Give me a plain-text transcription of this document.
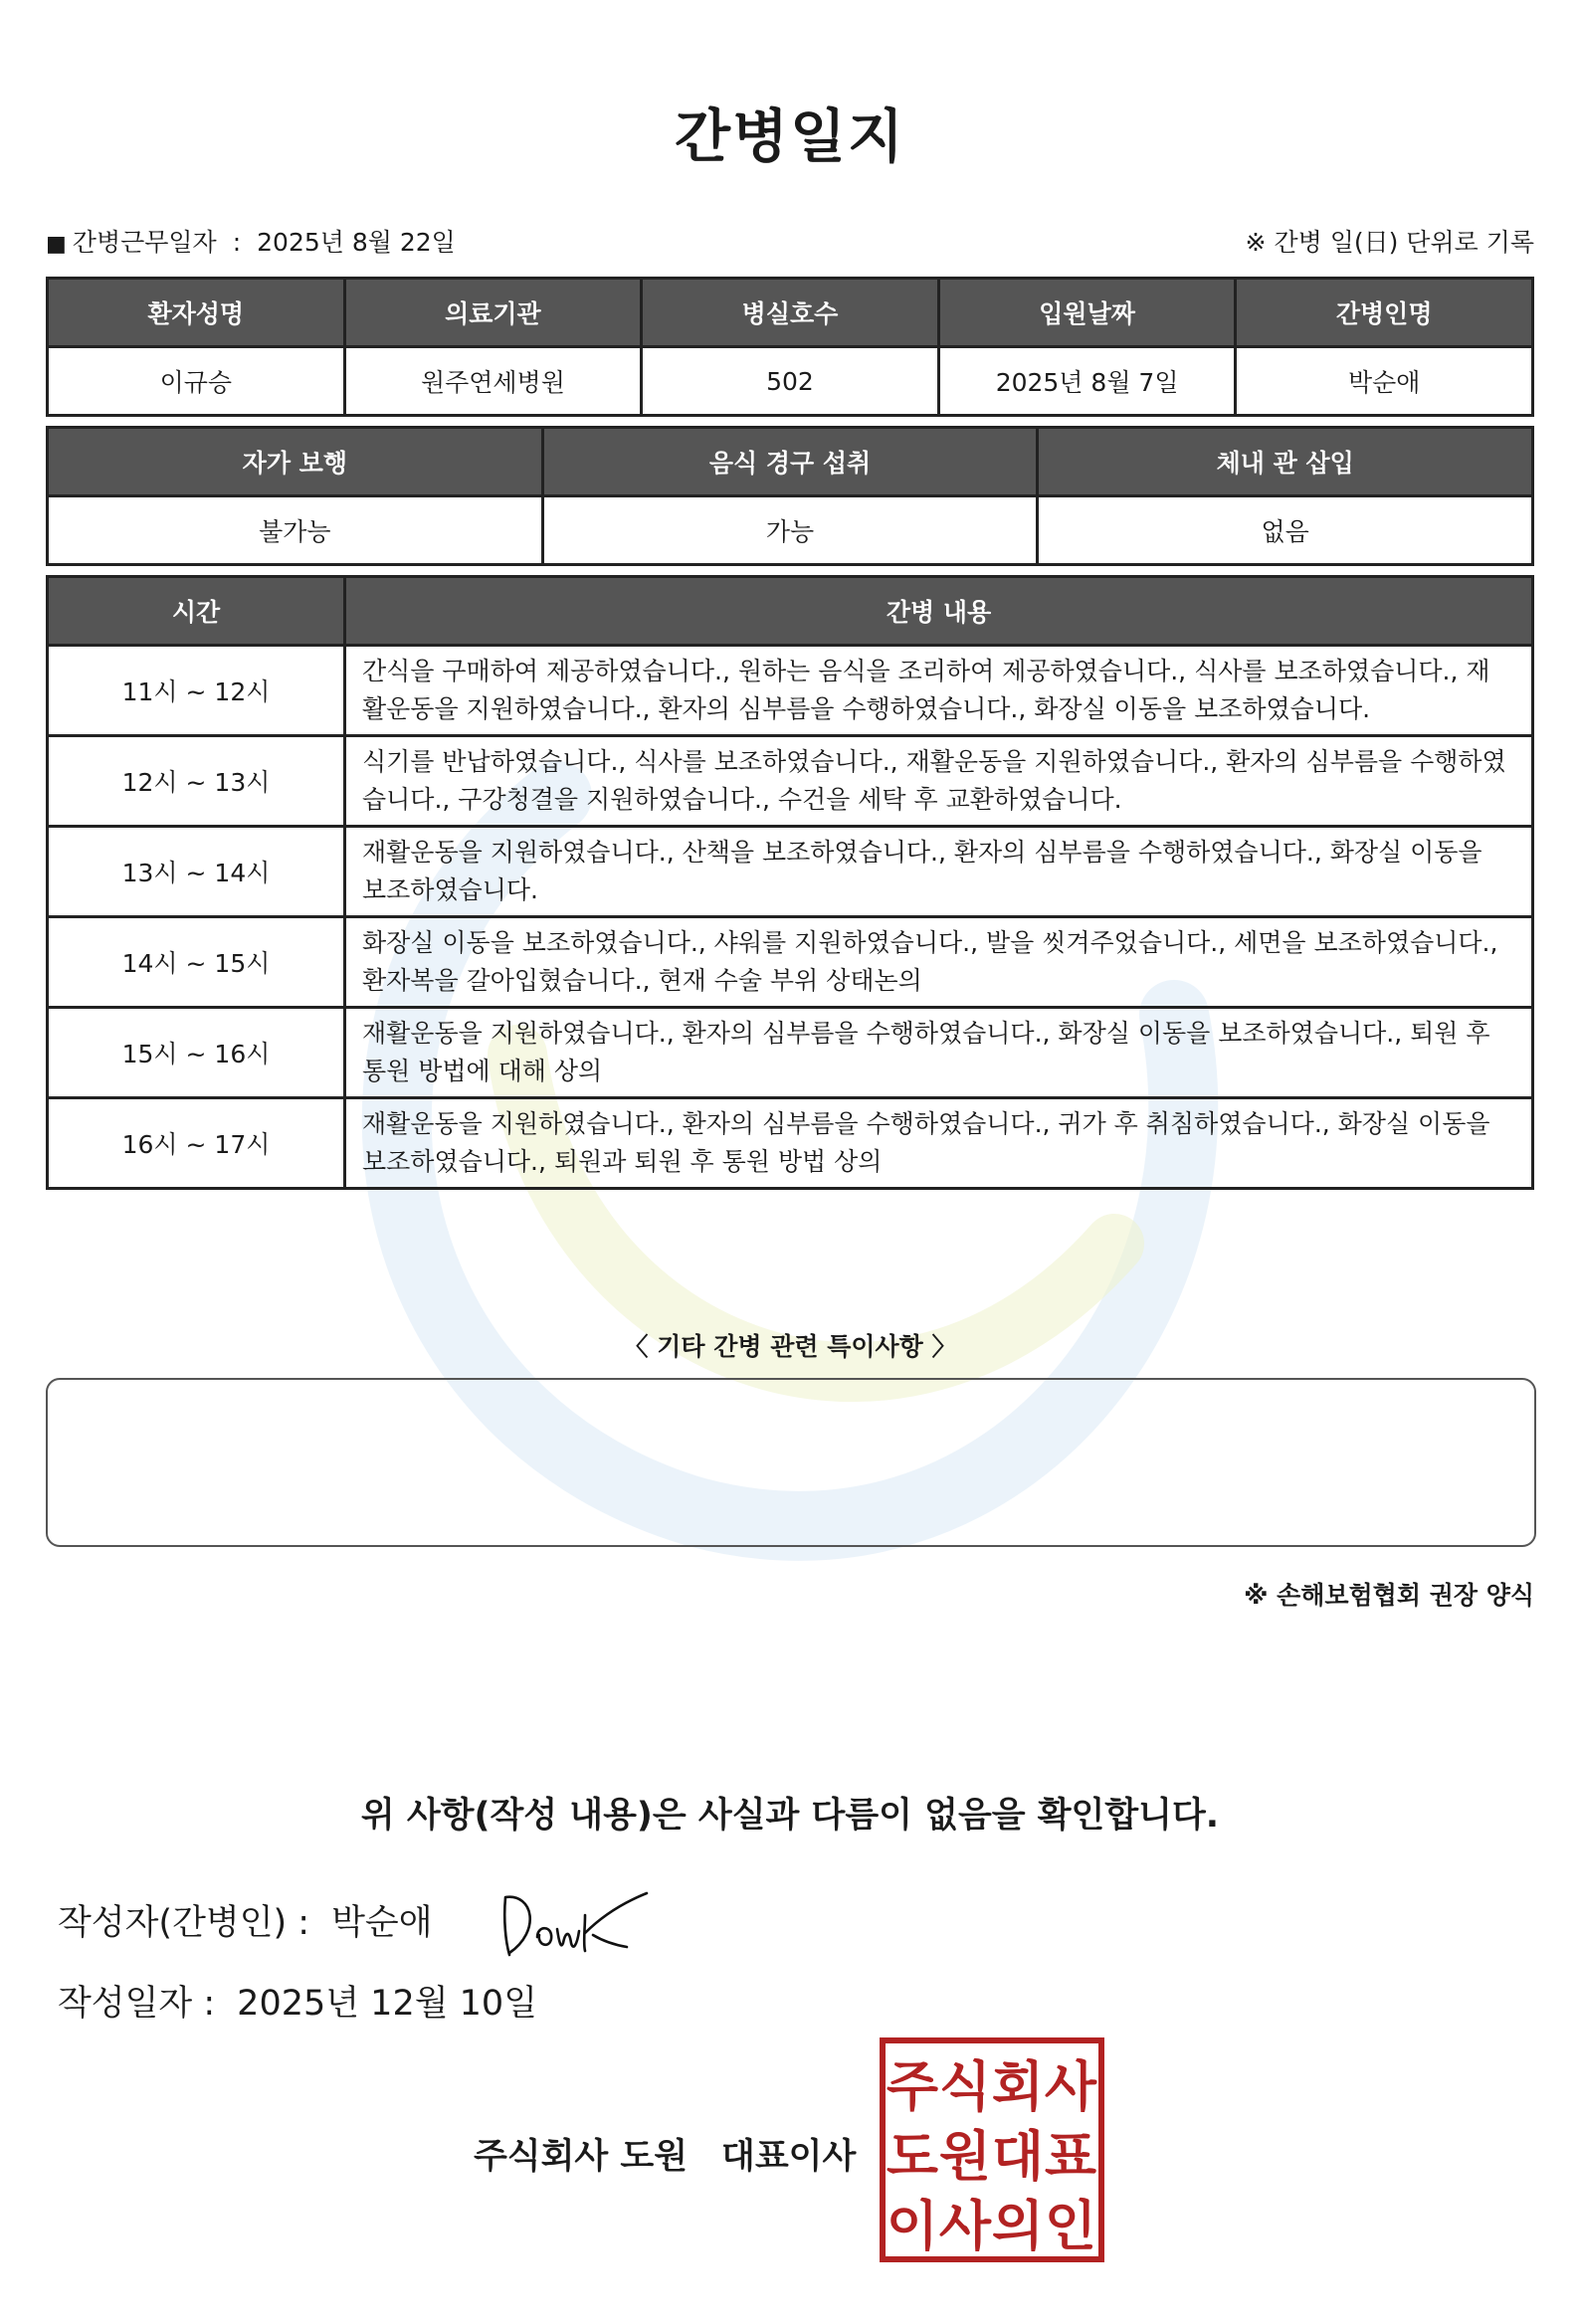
간병일지
■ 간병근무일자 : 2025년 8월 22일	※ 간병 일(日) 단위로 기록
환자성명	의료기관	병실호수	입원날짜	간병인명
이규승	원주연세병원	502	2025년 8월 7일	박순애
자가 보행	음식 경구 섭취	체내 관 삽입
불가능	가능	없음
시간	간병 내용
11시 ~ 12시	간식을 구매하여 제공하였습니다., 원하는 음식을 조리하여 제공하였습니다., 식사를 보조하였습니다., 재활운동을 지원하였습니다., 환자의 심부름을 수행하였습니다., 화장실 이동을 보조하였습니다.
12시 ~ 13시	식기를 반납하였습니다., 식사를 보조하였습니다., 재활운동을 지원하였습니다., 환자의 심부름을 수행하였습니다., 구강청결을 지원하였습니다., 수건을 세탁 후 교환하였습니다.
13시 ~ 14시	재활운동을 지원하였습니다., 산책을 보조하였습니다., 환자의 심부름을 수행하였습니다., 화장실 이동을 보조하였습니다.
14시 ~ 15시	화장실 이동을 보조하였습니다., 샤워를 지원하였습니다., 발을 씻겨주었습니다., 세면을 보조하였습니다., 환자복을 갈아입혔습니다., 현재 수술 부위 상태논의
15시 ~ 16시	재활운동을 지원하였습니다., 환자의 심부름을 수행하였습니다., 화장실 이동을 보조하였습니다., 퇴원 후 통원 방법에 대해 상의
16시 ~ 17시	재활운동을 지원하였습니다., 환자의 심부름을 수행하였습니다., 귀가 후 취침하였습니다., 화장실 이동을 보조하였습니다., 퇴원과 퇴원 후 통원 방법 상의
〈 기타 간병 관련 특이사항 〉
※ 손해보험협회 권장 양식
위 사항(작성 내용)은 사실과 다름이 없음을 확인합니다.
작성자(간병인) : 박순애
작성일자 : 2025년 12월 10일
주식회사 도원 대표이사
주 식 회 사
도 원 대 표
이 사 의 인
